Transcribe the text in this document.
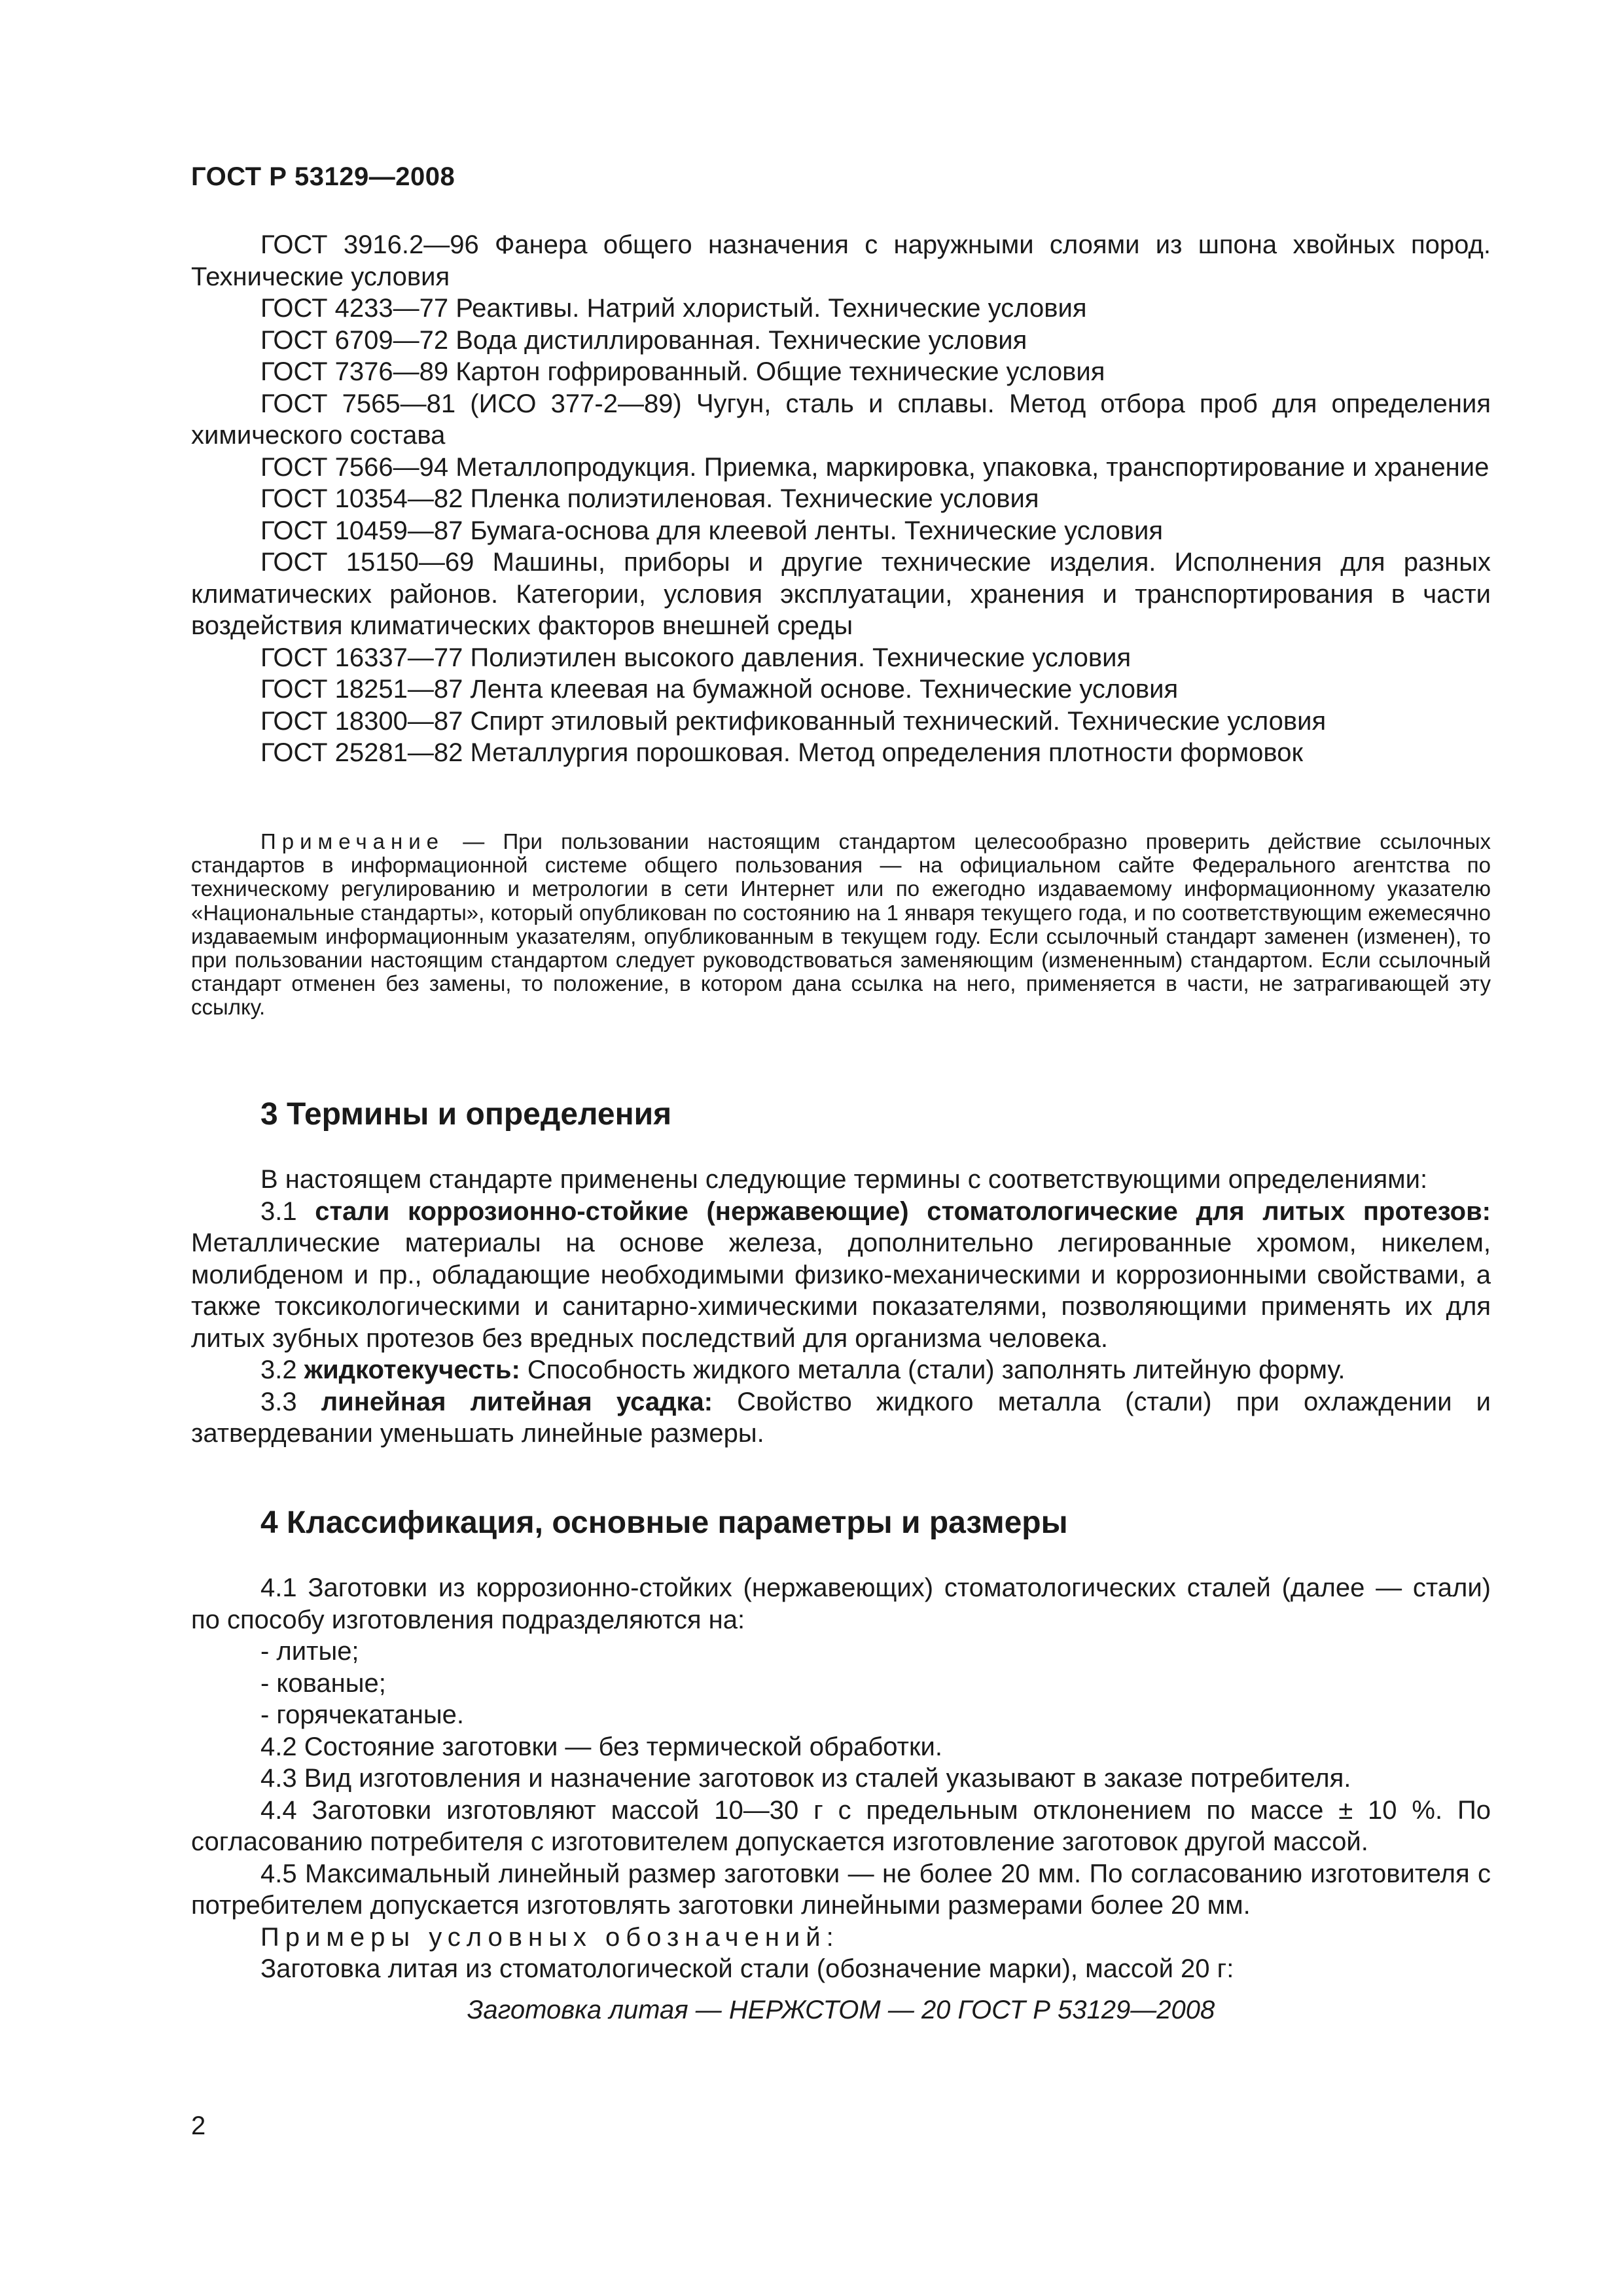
ГОСТ Р 53129—2008

ГОСТ 3916.2—96 Фанера общего назначения с наружными слоями из шпона хвойных пород. Технические условия

ГОСТ 4233—77 Реактивы. Натрий хлористый. Технические условия

ГОСТ 6709—72 Вода дистиллированная. Технические условия

ГОСТ 7376—89 Картон гофрированный. Общие технические условия

ГОСТ 7565—81 (ИСО 377-2—89) Чугун, сталь и сплавы. Метод отбора проб для определения химического состава

ГОСТ 7566—94 Металлопродукция. Приемка, маркировка, упаковка, транспортирование и хранение

ГОСТ 10354—82 Пленка полиэтиленовая. Технические условия

ГОСТ 10459—87 Бумага-основа для клеевой ленты. Технические условия

ГОСТ 15150—69 Машины, приборы и другие технические изделия. Исполнения для разных климатических районов. Категории, условия эксплуатации, хранения и транспортирования в части воздействия климатических факторов внешней среды

ГОСТ 16337—77 Полиэтилен высокого давления. Технические условия

ГОСТ 18251—87 Лента клеевая на бумажной основе. Технические условия

ГОСТ 18300—87 Спирт этиловый ректификованный технический. Технические условия

ГОСТ 25281—82 Металлургия порошковая. Метод определения плотности формовок

Примечание — При пользовании настоящим стандартом целесообразно проверить действие ссылочных стандартов в информационной системе общего пользования — на официальном сайте Федерального агентства по техническому регулированию и метрологии в сети Интернет или по ежегодно издаваемому информационному указателю «Национальные стандарты», который опубликован по состоянию на 1 января текущего года, и по соответствующим ежемесячно издаваемым информационным указателям, опубликованным в текущем году. Если ссылочный стандарт заменен (изменен), то при пользовании настоящим стандартом следует руководствоваться заменяющим (измененным) стандартом. Если ссылочный стандарт отменен без замены, то положение, в котором дана ссылка на него, применяется в части, не затрагивающей эту ссылку.

3 Термины и определения

В настоящем стандарте применены следующие термины с соответствующими определениями:

3.1 стали коррозионно-стойкие (нержавеющие) стоматологические для литых протезов: Металлические материалы на основе железа, дополнительно легированные хромом, никелем, молибденом и пр., обладающие необходимыми физико-механическими и коррозионными свойствами, а также токсикологическими и санитарно-химическими показателями, позволяющими применять их для литых зубных протезов без вредных последствий для организма человека.

3.2 жидкотекучесть: Способность жидкого металла (стали) заполнять литейную форму.

3.3 линейная литейная усадка: Свойство жидкого металла (стали) при охлаждении и затвердевании уменьшать линейные размеры.

4 Классификация, основные параметры и размеры

4.1 Заготовки из коррозионно-стойких (нержавеющих) стоматологических сталей (далее — стали) по способу изготовления подразделяются на:

- литые;

- кованые;

- горячекатаные.

4.2 Состояние заготовки — без термической обработки.

4.3 Вид изготовления и назначение заготовок из сталей указывают в заказе потребителя.

4.4 Заготовки изготовляют массой 10—30 г с предельным отклонением по массе ± 10 %. По согласованию потребителя с изготовителем допускается изготовление заготовок другой массой.

4.5 Максимальный линейный размер заготовки — не более 20 мм. По согласованию изготовителя с потребителем допускается изготовлять заготовки линейными размерами более 20 мм.

Примеры условных обозначений:

Заготовка литая из стоматологической стали (обозначение марки), массой 20 г:

Заготовка литая — НЕРЖСТОМ — 20 ГОСТ Р 53129—2008

2
